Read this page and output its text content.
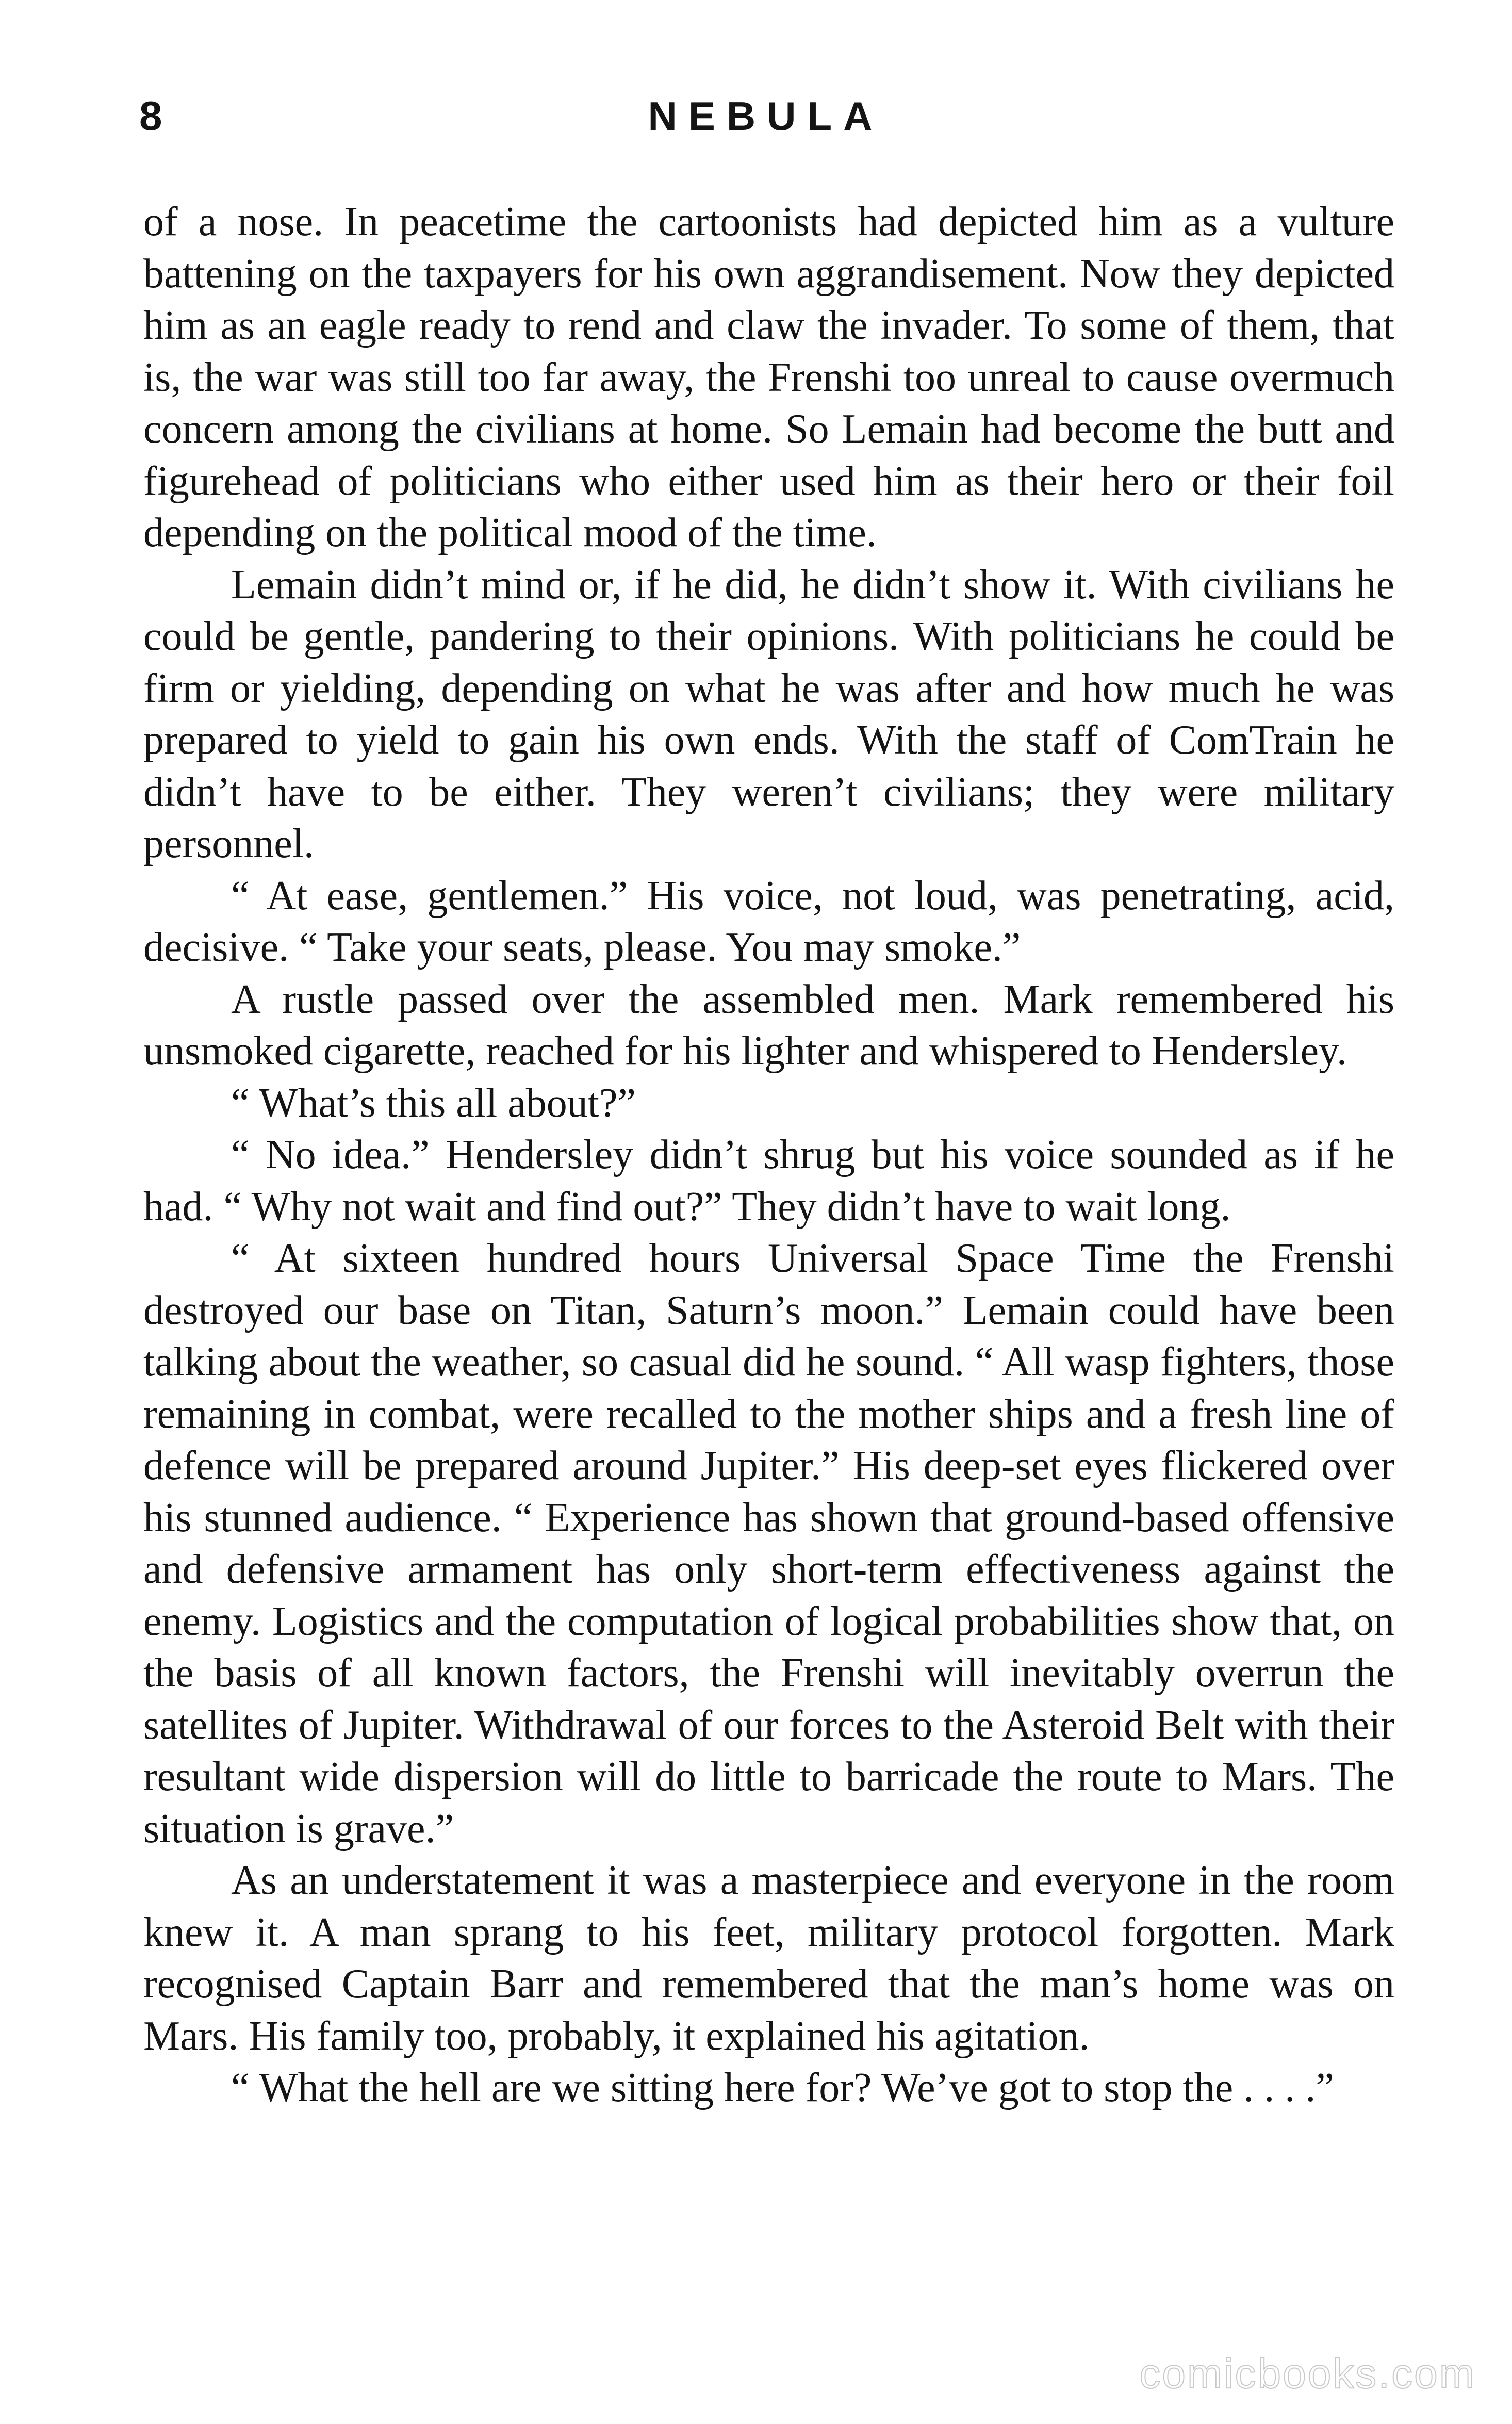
8	NEBULA

of a nose. In peacetime the cartoonists had depicted him as a vulture battening on the taxpayers for his own aggrandisement. Now they depicted him as an eagle ready to rend and claw the invader. To some of them, that is, the war was still too far away, the Frenshi too unreal to cause overmuch concern among the civilians at home. So Lemain had become the butt and figurehead of politicians who either used him as their hero or their foil depending on the political mood of the time.

Lemain didn’t mind or, if he did, he didn’t show it. With civilians he could be gentle, pandering to their opinions. With politicians he could be firm or yielding, depending on what he was after and how much he was prepared to yield to gain his own ends. With the staff of ComTrain he didn’t have to be either. They weren’t civilians; they were military personnel.

“ At ease, gentlemen.” His voice, not loud, was penetrating, acid, decisive. “ Take your seats, please. You may smoke.”

A rustle passed over the assembled men. Mark remembered his unsmoked cigarette, reached for his lighter and whispered to Hendersley.

“ What’s this all about?”

“ No idea.” Hendersley didn’t shrug but his voice sounded as if he had. “ Why not wait and find out?” They didn’t have to wait long.

“ At sixteen hundred hours Universal Space Time the Frenshi destroyed our base on Titan, Saturn’s moon.” Lemain could have been talking about the weather, so casual did he sound. “ All wasp fighters, those remaining in combat, were recalled to the mother ships and a fresh line of defence will be prepared around Jupiter.” His deep-set eyes flickered over his stunned audience. “ Experience has shown that ground-based offensive and defensive armament has only short-term effectiveness against the enemy. Logistics and the computation of logical probabilities show that, on the basis of all known factors, the Frenshi will inevitably overrun the satellites of Jupiter. Withdrawal of our forces to the Asteroid Belt with their resultant wide dispersion will do little to barricade the route to Mars. The situation is grave.”

As an understatement it was a masterpiece and everyone in the room knew it. A man sprang to his feet, military protocol forgotten. Mark recognised Captain Barr and remembered that the man’s home was on Mars. His family too, probably, it explained his agitation.

“ What the hell are we sitting here for? We’ve got to stop the . . . .”

comicbooks.com
